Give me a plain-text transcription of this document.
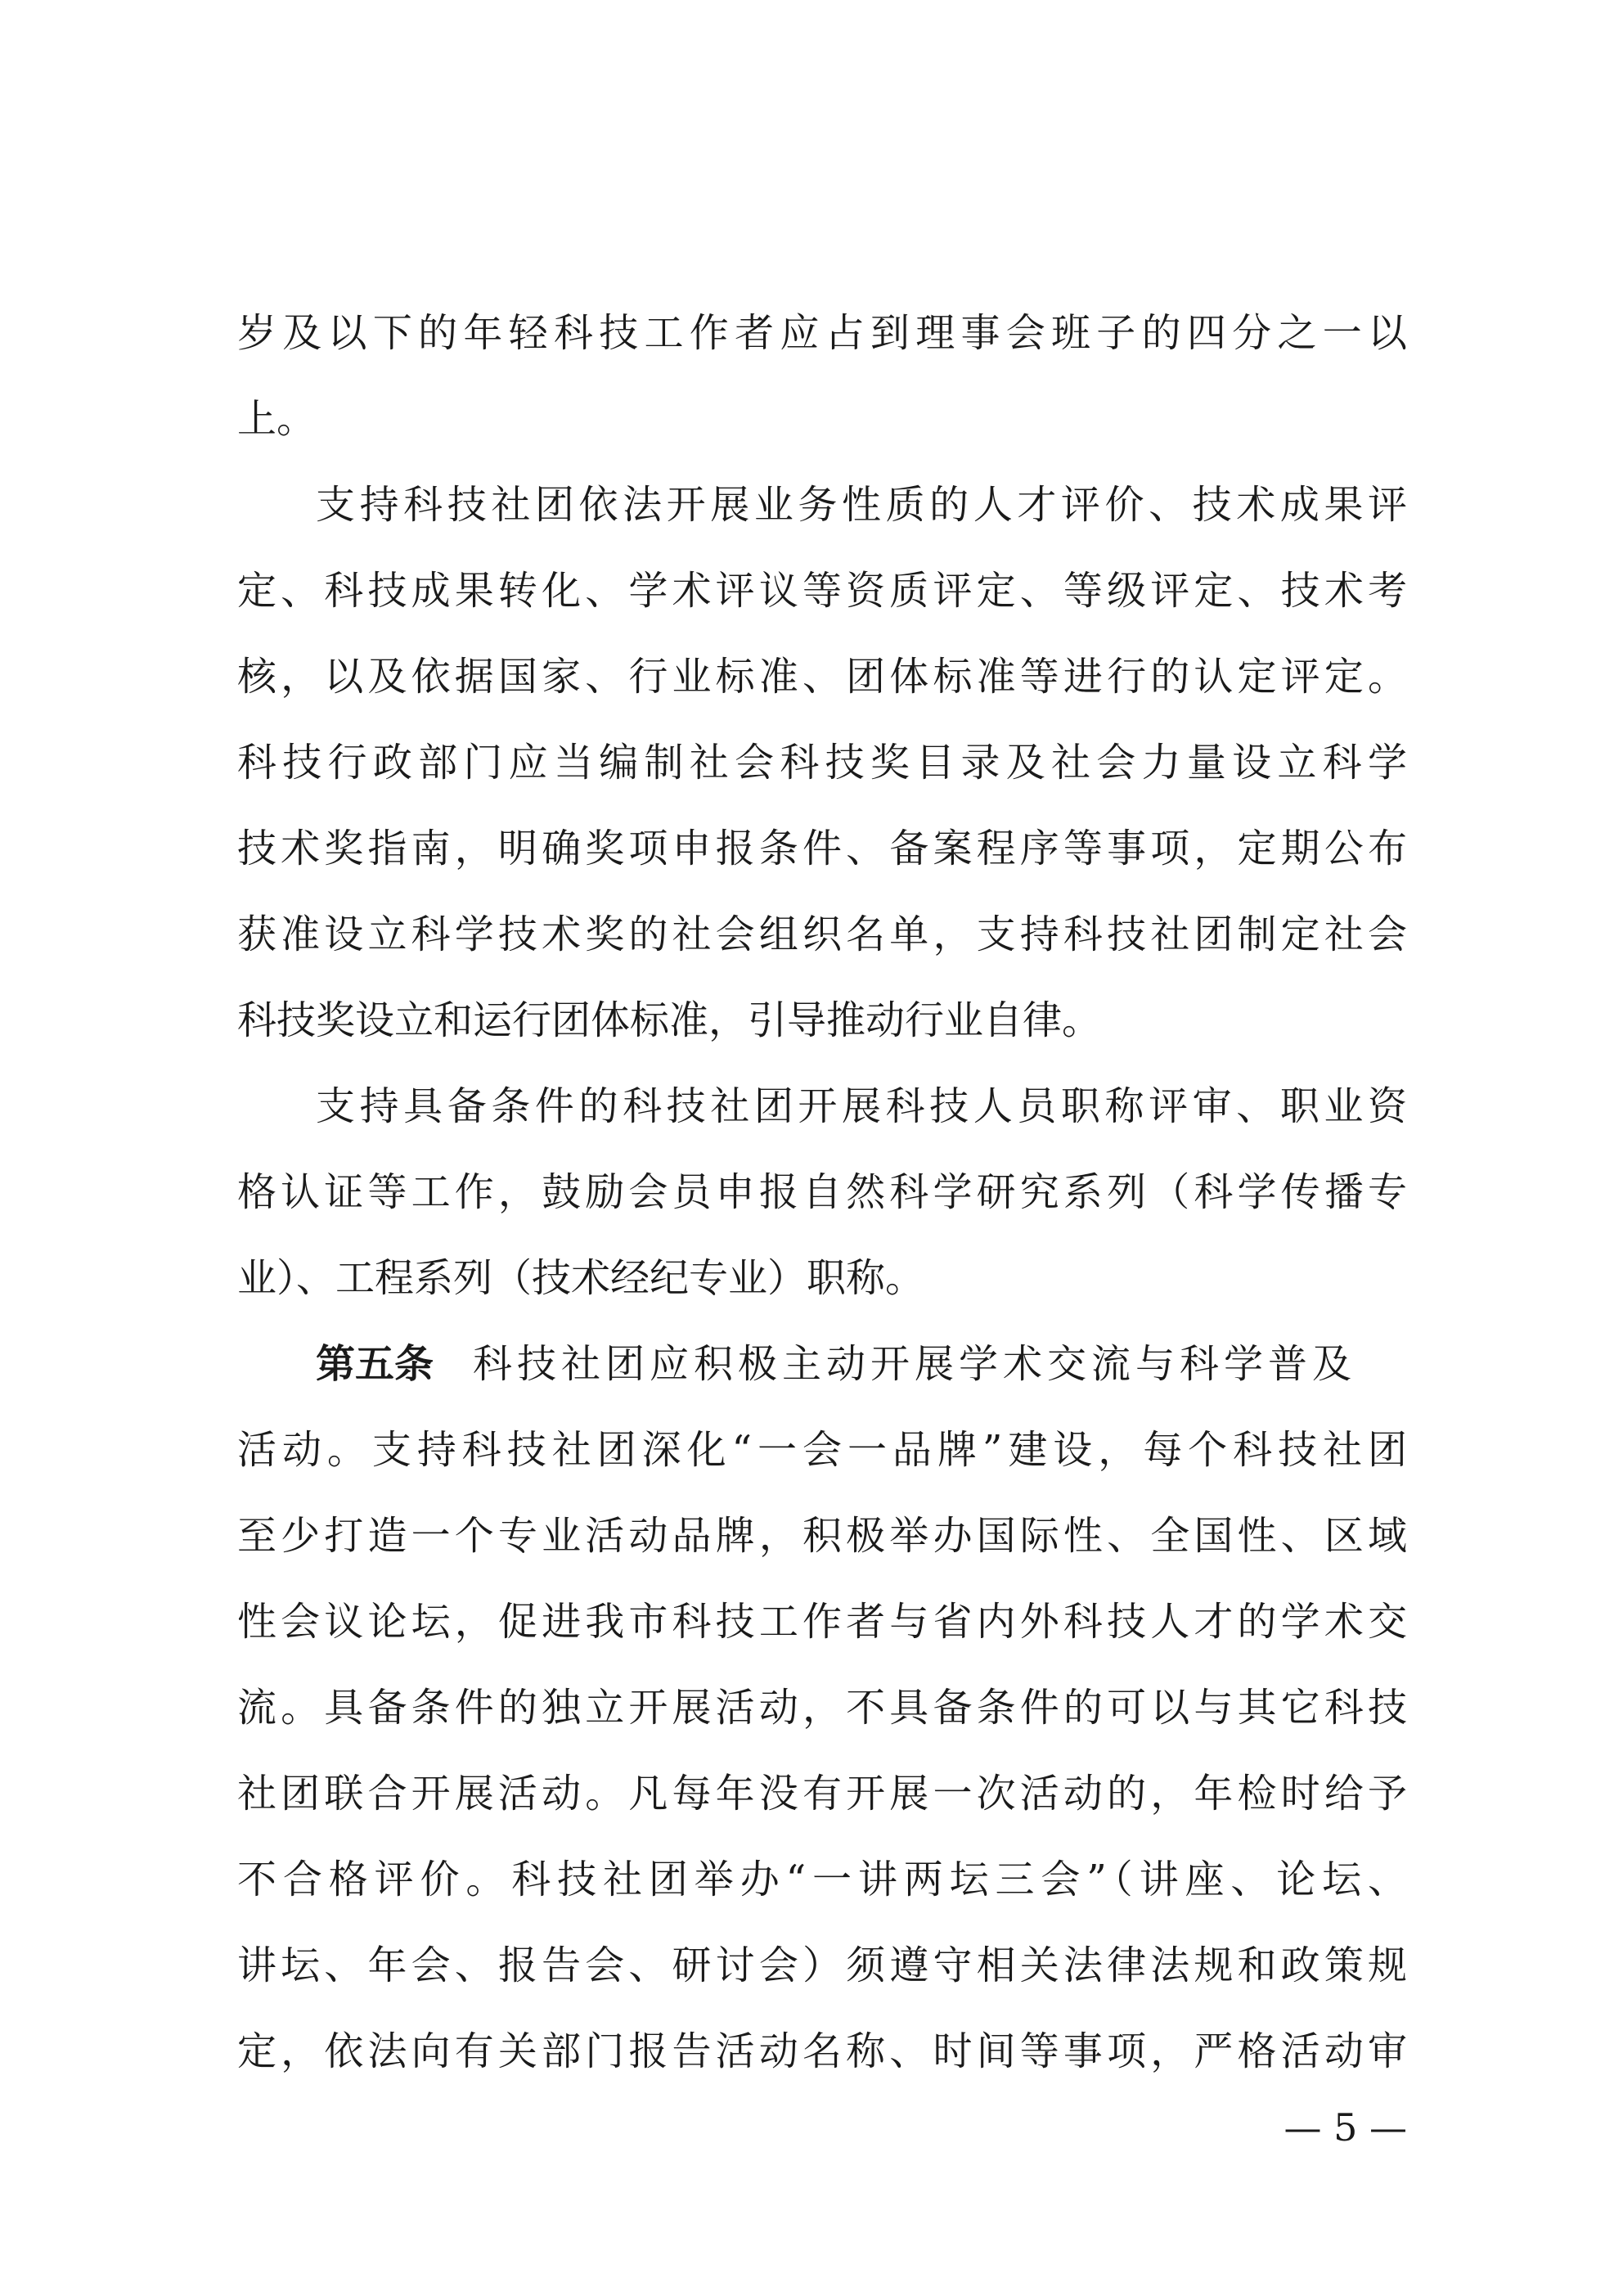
岁及以下的年轻科技工作者应占到理事会班子的四分之一以
上。
支持科技社团依法开展业务性质的人才评价、技术成果评
定、科技成果转化、学术评议等资质评定、等级评定、技术考
核，以及依据国家、行业标准、团体标准等进行的认定评定。
科技行政部门应当编制社会科技奖目录及社会力量设立科学
技术奖指南，明确奖项申报条件、备案程序等事项，定期公布
获准设立科学技术奖的社会组织名单，支持科技社团制定社会
科技奖设立和运行团体标准，引导推动行业自律。
支持具备条件的科技社团开展科技人员职称评审、职业资
格认证等工作，鼓励会员申报自然科学研究系列（科学传播专
业）、工程系列（技术经纪专业）职称。
第五条 科技社团应积极主动开展学术交流与科学普及
活动。支持科技社团深化“一会一品牌”建设，每个科技社团
至少打造一个专业活动品牌，积极举办国际性、全国性、区域
性会议论坛，促进我市科技工作者与省内外科技人才的学术交
流。具备条件的独立开展活动，不具备条件的可以与其它科技
社团联合开展活动。凡每年没有开展一次活动的，年检时给予
不合格评价。科技社团举办“一讲两坛三会”（讲座、论坛、
讲坛、年会、报告会、研讨会）须遵守相关法律法规和政策规
定，依法向有关部门报告活动名称、时间等事项，严格活动审
— 5 —
